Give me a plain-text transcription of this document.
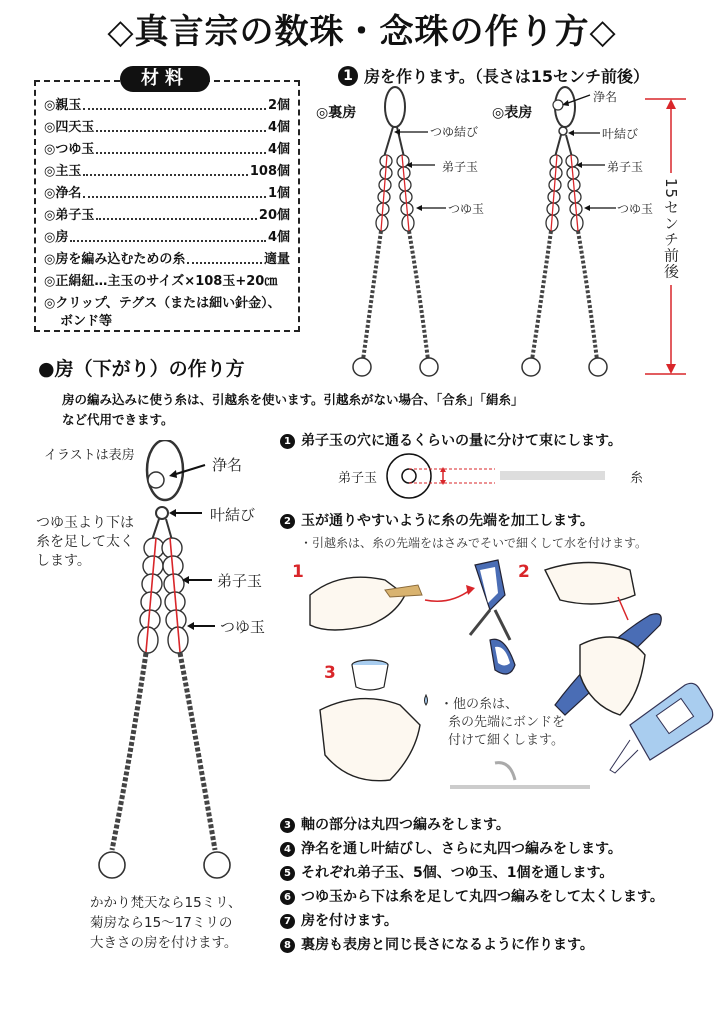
◇真言宗の数珠・念珠の作り方◇
材料
◎親玉	2個
◎四天玉	4個
◎つゆ玉	4個
◎主玉	108個
◎浄名	1個
◎弟子玉	20個
◎房	4個
◎房を編み込むための糸	適量
◎正絹紐…主玉のサイズ×108玉+20㎝
◎クリップ、テグス（または細い針金）、
ボンド等
1 房を作ります。（長さは15センチ前後）
◎裏房	◎表房
つゆ結び
弟子玉
つゆ玉
浄名
叶結び
弟子玉
つゆ玉 15センチ前後
●房（下がり）の作り方
房の編み込みに使う糸は、引越糸を使います。引越糸がない場合、「合糸」「絹糸」
など代用できます。
イラストは表房
つゆ玉より下は
糸を足して太く
します。
浄名
叶結び
弟子玉
つゆ玉
かかり梵天なら15ミリ、
菊房なら15～17ミリの
大きさの房を付けます。
1 弟子玉の穴に通るくらいの量に分けて束にします。
弟子玉	糸
2 玉が通りやすいように糸の先端を加工します。
・引越糸は、糸の先端をはさみでそいで細くして水を付けます。
1	2
3
・他の糸は、
糸の先端にボンドを
付けて細くします。
3 軸の部分は丸四つ編みをします。
4 浄名を通し叶結びし、さらに丸四つ編みをします。
5 それぞれ弟子玉、5個、つゆ玉、1個を通します。
6 つゆ玉から下は糸を足して丸四つ編みをして太くします。
7 房を付けます。
8 裏房も表房と同じ長さになるように作ります。
